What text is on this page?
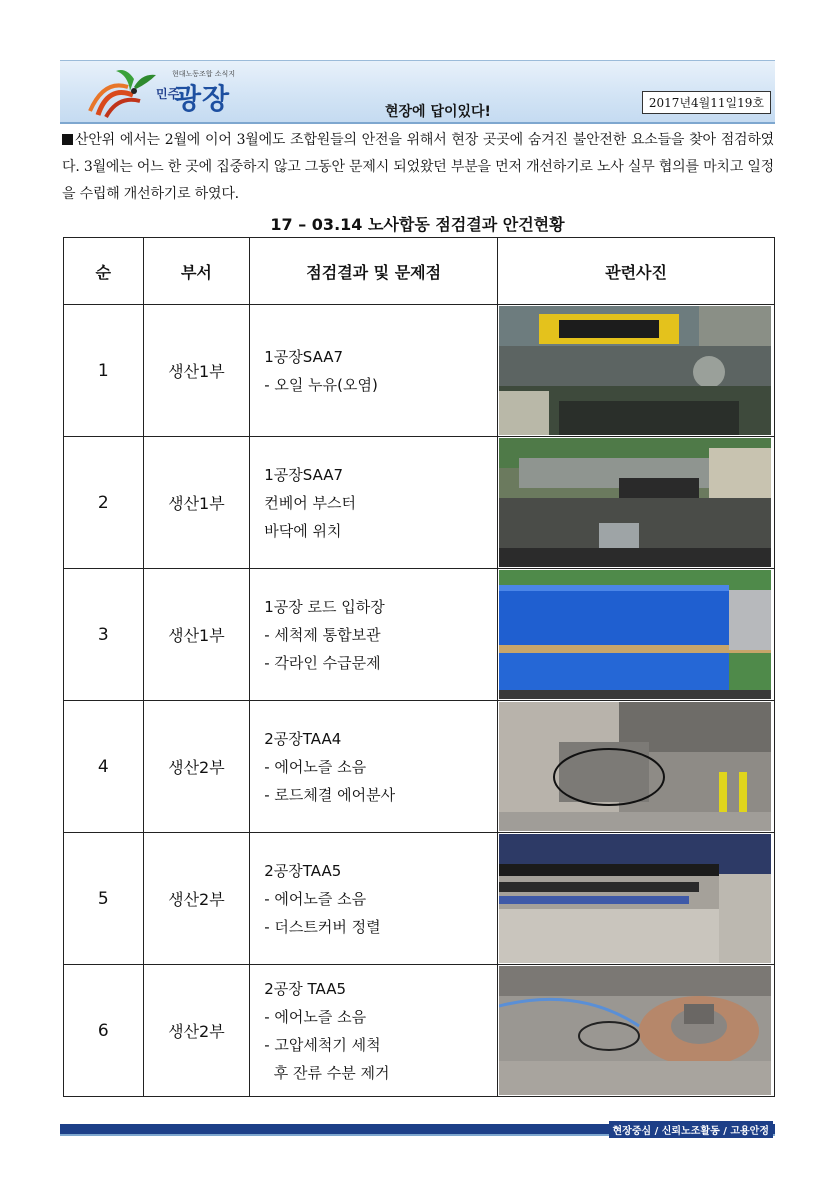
현대노동조합 소식지
민주
광장	현장에 답이있다!
2017년4월11일19호
산안위 에서는 2월에 이어 3월에도 조합원들의 안전을 위해서 현장 곳곳에 숨겨진 불안전한 요소들을 찾아 점검하였다. 3월에는 어느 한 곳에 집중하지 않고 그동안 문제시 되었왔던 부분을 먼저 개선하기로 노사 실무 협의를 마치고 일정을 수립해 개선하기로 하였다.
17 – 03.14 노사합동 점검결과 안건현황
순	부서	점검결과 및 문제점	관련사진
1	생산1부	1공장SAA7
- 오일 누유(오염)

2	생산1부	1공장SAA7
컨베어 부스터
바닥에 위치

3	생산1부	1공장 로드 입하장
- 세척제 통합보관
- 각라인 수급문제

4	생산2부	2공장TAA4
- 에어노즐 소음
- 로드체결 에어분사

5	생산2부	2공장TAA5
- 에어노즐 소음
- 더스트커버 정렬

6	생산2부	2공장 TAA5
- 에어노즐 소음
- 고압세척기 세척
후 잔류 수분 제거

현장중심 / 신뢰노조활동 / 고용안정
